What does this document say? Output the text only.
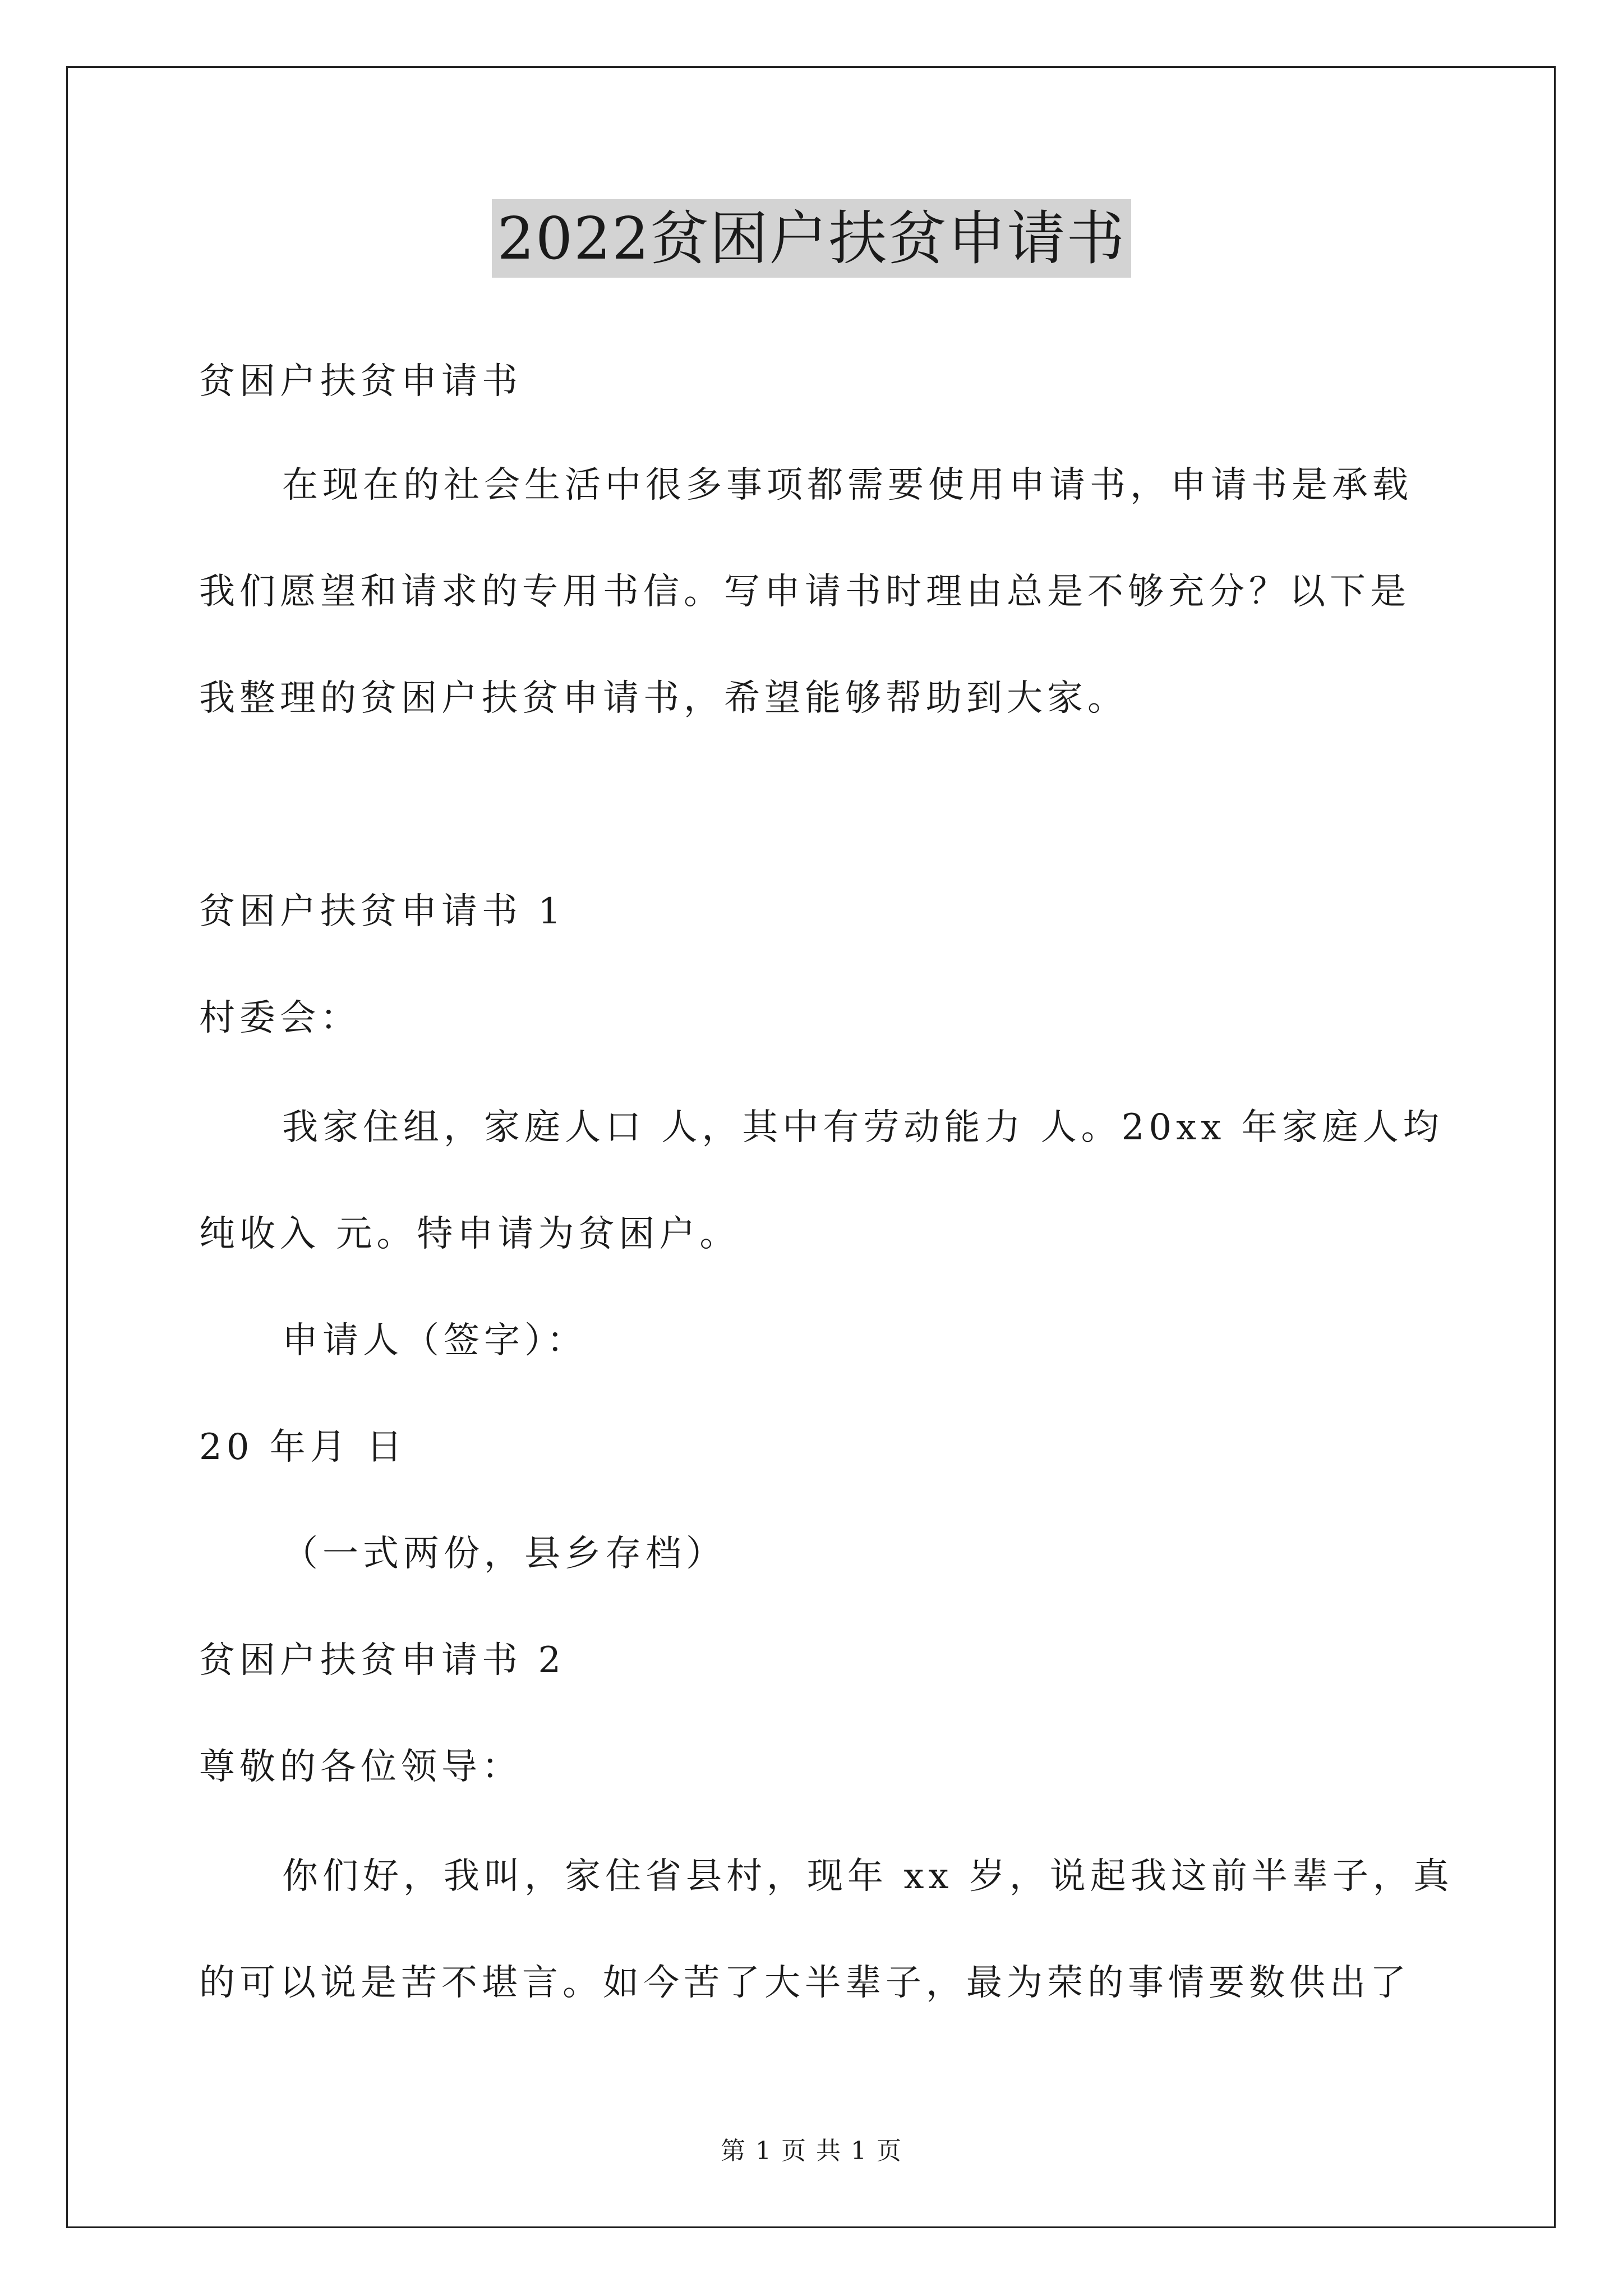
2022贫困户扶贫申请书
贫困户扶贫申请书
在现在的社会生活中很多事项都需要使用申请书，申请书是承载
我们愿望和请求的专用书信。写申请书时理由总是不够充分？以下是
我整理的贫困户扶贫申请书，希望能够帮助到大家。
贫困户扶贫申请书 1
村委会：
我家住组，家庭人口 人，其中有劳动能力 人。20xx 年家庭人均
纯收入 元。特申请为贫困户。
申请人（签字）：
20 年月 日
（一式两份，县乡存档）
贫困户扶贫申请书 2
尊敬的各位领导：
你们好，我叫，家住省县村，现年 xx 岁，说起我这前半辈子，真
的可以说是苦不堪言。如今苦了大半辈子，最为荣的事情要数供出了
第 1 页 共 1 页
